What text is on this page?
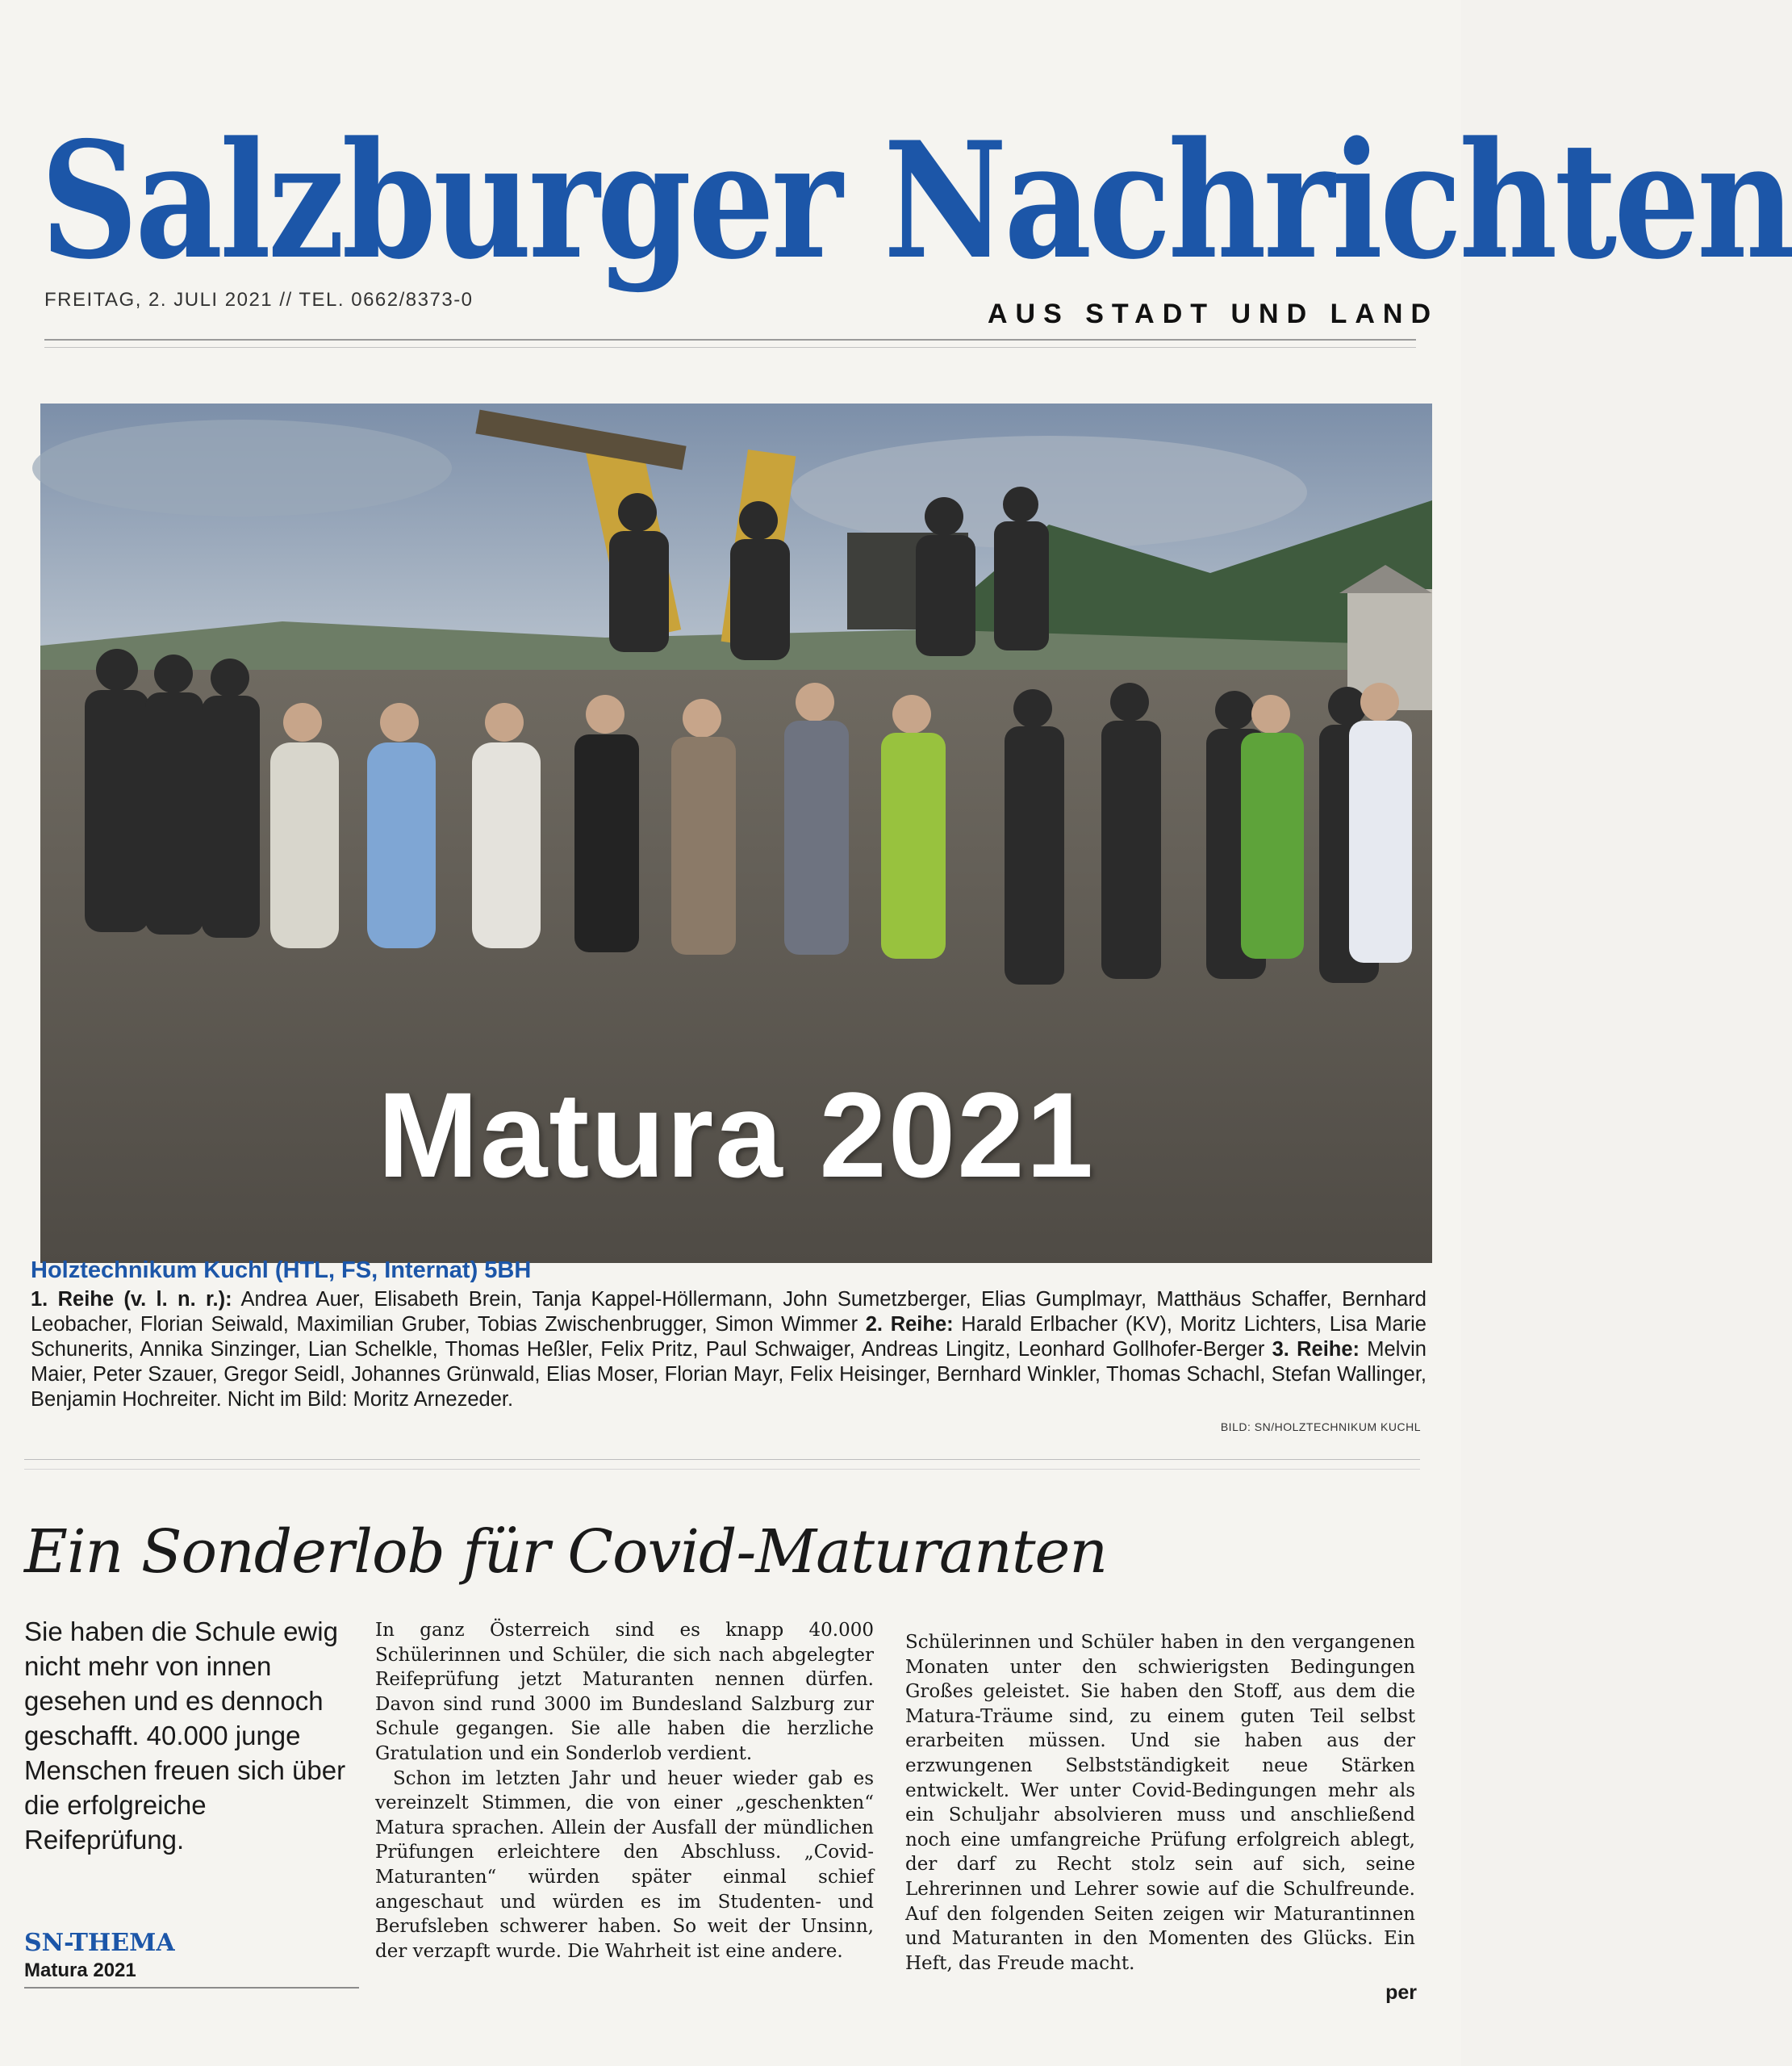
Salzburger Nachrichten
FREITAG, 2. JULI 2021 // TEL. 0662/8373-0	AUS STADT UND LAND
Matura 2021
Holztechnikum Kuchl (HTL, FS, Internat) 5BH
1. Reihe (v. l. n. r.): Andrea Auer, Elisabeth Brein, Tanja Kappel-Höllermann, John Sumetzberger, Elias Gumplmayr, Matthäus Schaffer, Bernhard Leobacher, Florian Seiwald, Maximilian Gruber, Tobias Zwischenbrugger, Simon Wimmer 2. Reihe: Harald Erlbacher (KV), Moritz Lichters, Lisa Marie Schunerits, Annika Sinzinger, Lian Schelkle, Thomas Heßler, Felix Pritz, Paul Schwaiger, Andreas Lingitz, Leonhard Gollhofer-Berger 3. Reihe: Melvin Maier, Peter Szauer, Gregor Seidl, Johannes Grünwald, Elias Moser, Florian Mayr, Felix Heisinger, Bernhard Winkler, Thomas Schachl, Stefan Wallinger, Benjamin Hochreiter. Nicht im Bild: Moritz Arnezeder.
BILD: SN/HOLZTECHNIKUM KUCHL
Ein Sonderlob für Covid-Maturanten
Sie haben die Schule ewig nicht mehr von innen gesehen und es dennoch geschafft. 40.000 junge Menschen freuen sich über die erfolgreiche Reifeprüfung.
SN-THEMA
Matura 2021

In ganz Österreich sind es knapp 40.000 Schülerinnen und Schüler, die sich nach abgelegter Reifeprüfung jetzt Maturanten nennen dürfen. Davon sind rund 3000 im Bundesland Salzburg zur Schule gegangen. Sie alle haben die herzliche Gratulation und ein Sonderlob verdient.

Schon im letzten Jahr und heuer wieder gab es vereinzelt Stimmen, die von einer „geschenkten“ Matura sprachen. Allein der Ausfall der mündlichen Prüfungen erleichtere den Abschluss. „Covid-Maturanten“ würden später einmal schief angeschaut und würden es im Studenten- und Berufsleben schwerer haben. So weit der Unsinn, der verzapft wurde. Die Wahrheit ist eine andere.

Schülerinnen und Schüler haben in den vergangenen Monaten unter den schwierigsten Bedingungen Großes geleistet. Sie haben den Stoff, aus dem die Matura-Träume sind, zu einem guten Teil selbst erarbeiten müssen. Und sie haben aus der erzwungenen Selbstständigkeit neue Stärken entwickelt. Wer unter Covid-Bedingungen mehr als ein Schuljahr absolvieren muss und anschließend noch eine umfangreiche Prüfung erfolgreich ablegt, der darf zu Recht stolz sein auf sich, seine Lehrerinnen und Lehrer sowie auf die Schulfreunde. Auf den folgenden Seiten zeigen wir Maturantinnen und Maturanten in den Momenten des Glücks. Ein Heft, das Freude macht.

per
